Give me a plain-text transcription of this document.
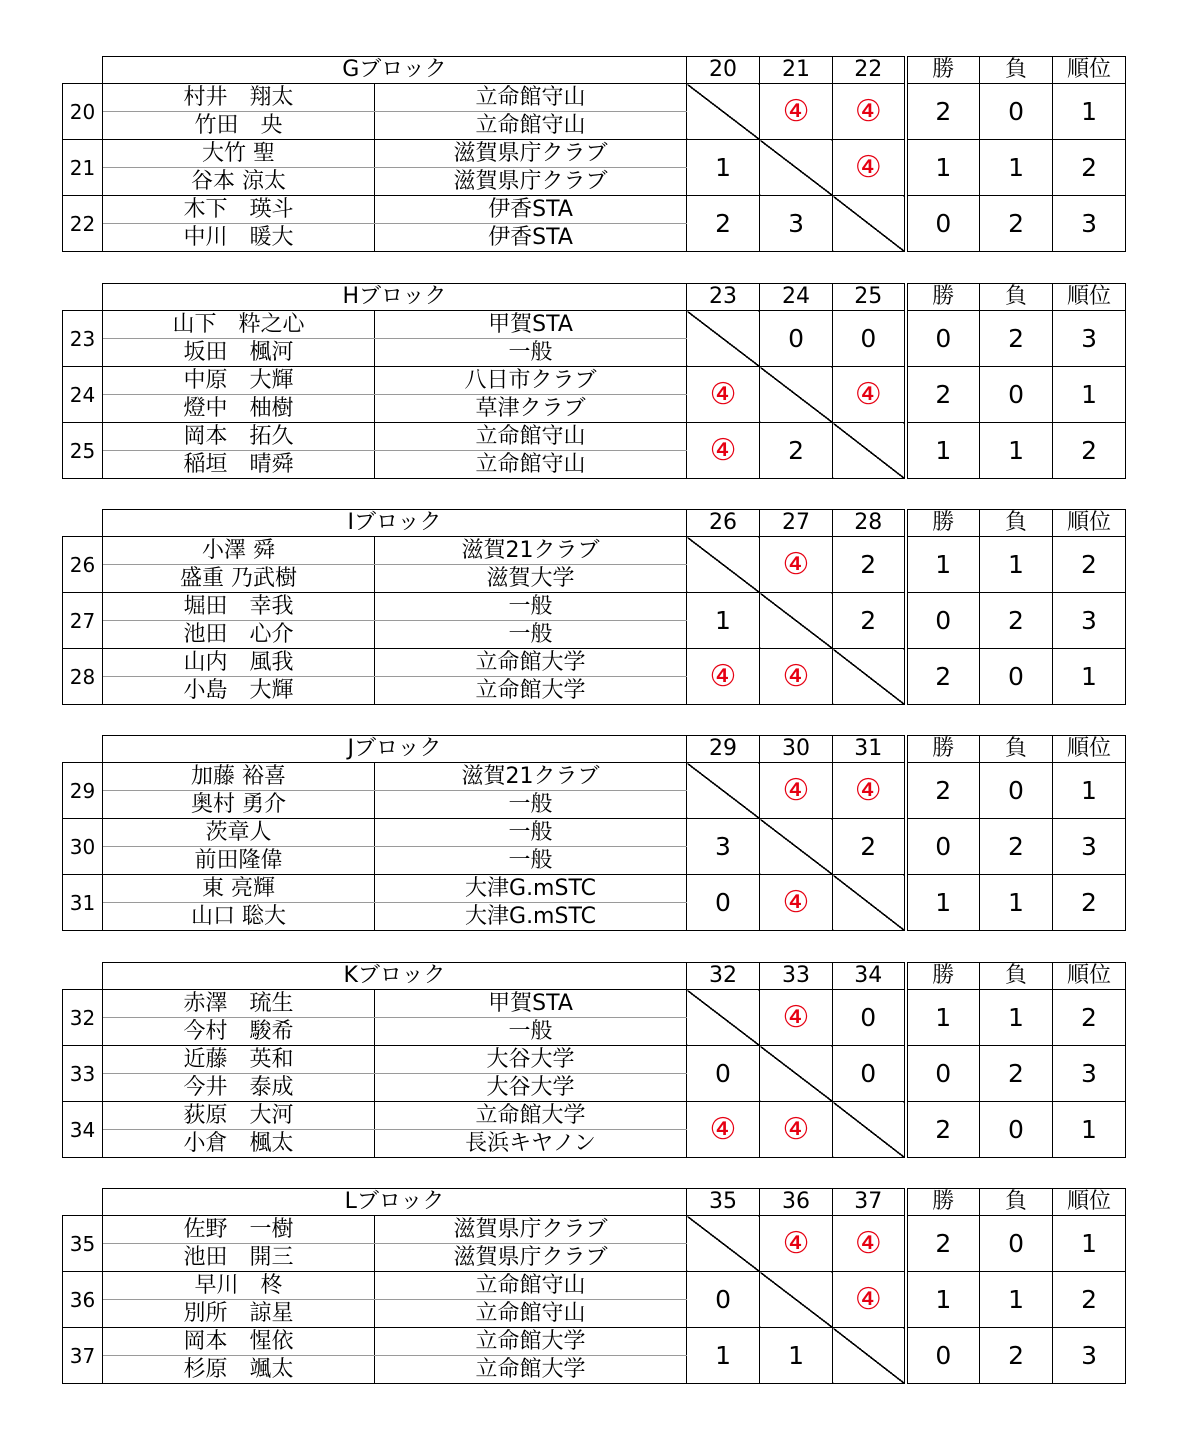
	Gブロック		20	21	22	勝	負	順位
20	村井　翔太	立命館守山		④	④	2	0	1
	竹田　央	立命館守山						
21	大竹 聖	滋賀県庁クラブ	1		④	1	1	2
	谷本 涼太	滋賀県庁クラブ						
22	木下　瑛斗	伊香STA	2	3		0	2	3
	中川　暖大	伊香STA						
	Hブロック		23	24	25	勝	負	順位
23	山下　粋之心	甲賀STA		0	0	0	2	3
	坂田　楓河	一般						
24	中原　大輝	八日市クラブ	④		④	2	0	1
	燈中　柚樹	草津クラブ						
25	岡本　拓久	立命館守山	④	2		1	1	2
	稲垣　晴舜	立命館守山						
	Iブロック		26	27	28	勝	負	順位
26	小澤 舜	滋賀21クラブ		④	2	1	1	2
	盛重 乃武樹	滋賀大学						
27	堀田　幸我	一般	1		2	0	2	3
	池田　心介	一般						
28	山内　風我	立命館大学	④	④		2	0	1
	小島　大輝	立命館大学						
	Jブロック		29	30	31	勝	負	順位
29	加藤 裕喜	滋賀21クラブ		④	④	2	0	1
	奥村 勇介	一般						
30	茨章人	一般	3		2	0	2	3
	前田隆偉	一般						
31	東 亮輝	大津G.mSTC	0	④		1	1	2
	山口 聡大	大津G.mSTC						
	Kブロック		32	33	34	勝	負	順位
32	赤澤　琉生	甲賀STA		④	0	1	1	2
	今村　駿希	一般						
33	近藤　英和	大谷大学	0		0	0	2	3
	今井　泰成	大谷大学						
34	荻原　大河	立命館大学	④	④		2	0	1
	小倉　楓太	長浜キヤノン						
	Lブロック		35	36	37	勝	負	順位
35	佐野　一樹	滋賀県庁クラブ		④	④	2	0	1
	池田　開三	滋賀県庁クラブ						
36	早川　柊	立命館守山	0		④	1	1	2
	別所　諒星	立命館守山						
37	岡本　惺依	立命館大学	1	1		0	2	3
	杉原　颯太	立命館大学						
